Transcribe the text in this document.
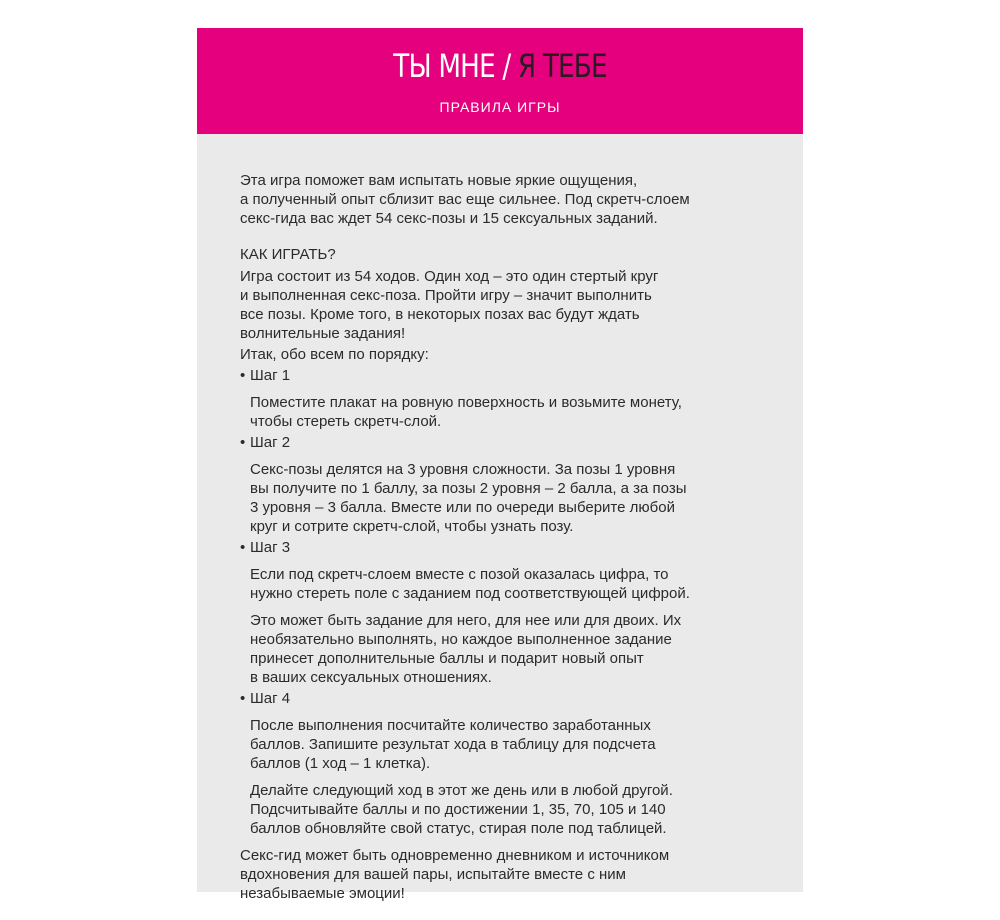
ТЫ МНЕ / Я ТЕБЕ
ПРАВИЛА ИГРЫ
Эта игра поможет вам испытать новые яркие ощущения,
а полученный опыт сблизит вас еще сильнее. Под скретч-слоем
секс-гида вас ждет 54 секс-позы и 15 сексуальных заданий.
КАК ИГРАТЬ?
Игра состоит из 54 ходов. Один ход – это один стертый круг
и выполненная секс-поза. Пройти игру – значит выполнить
все позы. Кроме того, в некоторых позах вас будут ждать
волнительные задания!
Итак, обо всем по порядку:
• Шаг 1
Поместите плакат на ровную поверхность и возьмите монету,
чтобы стереть скретч-слой.
• Шаг 2
Секс-позы делятся на 3 уровня сложности. За позы 1 уровня
вы получите по 1 баллу, за позы 2 уровня – 2 балла, а за позы
3 уровня – 3 балла. Вместе или по очереди выберите любой
круг и сотрите скретч-слой, чтобы узнать позу.
• Шаг 3
Если под скретч-слоем вместе с позой оказалась цифра, то
нужно стереть поле с заданием под соответствующей цифрой.
Это может быть задание для него, для нее или для двоих. Их
необязательно выполнять, но каждое выполненное задание
принесет дополнительные баллы и подарит новый опыт
в ваших сексуальных отношениях.
• Шаг 4
После выполнения посчитайте количество заработанных
баллов. Запишите результат хода в таблицу для подсчета
баллов (1 ход – 1 клетка).
Делайте следующий ход в этот же день или в любой другой.
Подсчитывайте баллы и по достижении 1, 35, 70, 105 и 140
баллов обновляйте свой статус, стирая поле под таблицей.
Секс-гид может быть одновременно дневником и источником
вдохновения для вашей пары, испытайте вместе с ним
незабываемые эмоции!
